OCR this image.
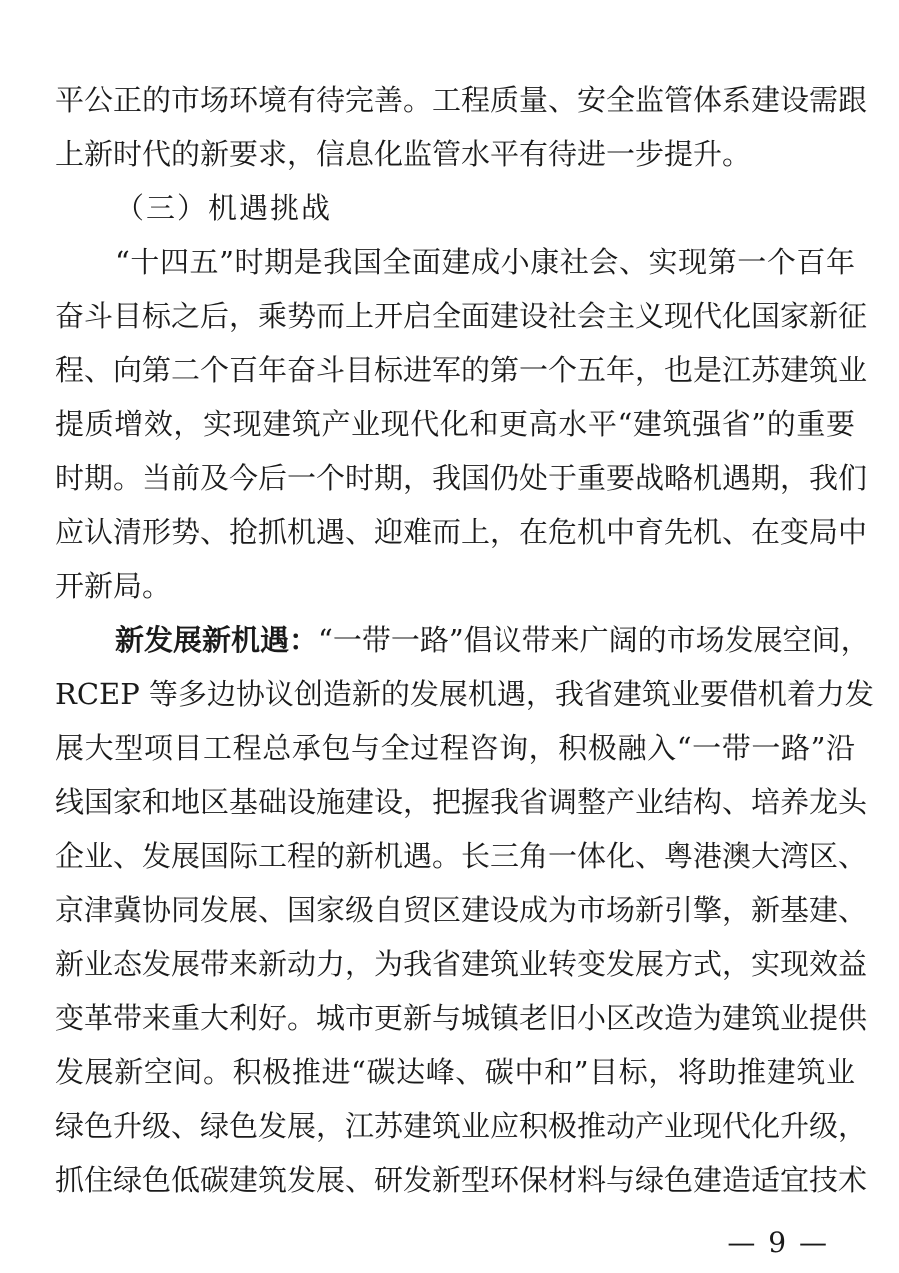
平公正的市场环境有待完善。工程质量、安全监管体系建设需跟
上新时代的新要求，信息化监管水平有待进一步提升。
（三）机遇挑战
“十四五”时期是我国全面建成小康社会、实现第一个百年
奋斗目标之后，乘势而上开启全面建设社会主义现代化国家新征
程、向第二个百年奋斗目标进军的第一个五年，也是江苏建筑业
提质增效，实现建筑产业现代化和更高水平“建筑强省”的重要
时期。当前及今后一个时期，我国仍处于重要战略机遇期，我们
应认清形势、抢抓机遇、迎难而上，在危机中育先机、在变局中
开新局。
新发展新机遇：“一带一路”倡议带来广阔的市场发展空间，
RCEP 等多边协议创造新的发展机遇，我省建筑业要借机着力发
展大型项目工程总承包与全过程咨询，积极融入“一带一路”沿
线国家和地区基础设施建设，把握我省调整产业结构、培养龙头
企业、发展国际工程的新机遇。长三角一体化、粤港澳大湾区、
京津冀协同发展、国家级自贸区建设成为市场新引擎，新基建、
新业态发展带来新动力，为我省建筑业转变发展方式，实现效益
变革带来重大利好。城市更新与城镇老旧小区改造为建筑业提供
发展新空间。积极推进“碳达峰、碳中和”目标，将助推建筑业
绿色升级、绿色发展，江苏建筑业应积极推动产业现代化升级，
抓住绿色低碳建筑发展、研发新型环保材料与绿色建造适宜技术
— 9 —
